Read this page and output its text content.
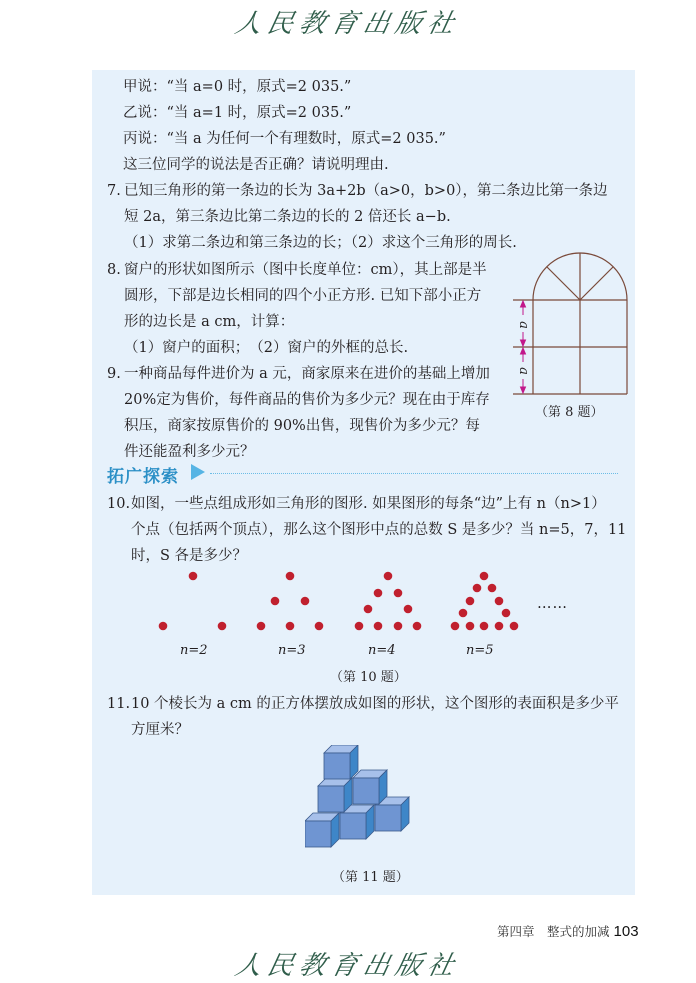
人民教育出版社
甲说：“当 a=0 时，原式=2 035.”
乙说：“当 a=1 时，原式=2 035.”
丙说：“当 a 为任何一个有理数时，原式=2 035.”
这三位同学的说法是否正确？请说明理由.
7. 已知三角形的第一条边的长为 3a+2b（a>0，b>0），第二条边比第一条边
短 2a，第三条边比第二条边的长的 2 倍还长 a−b.
（1）求第二条边和第三条边的长；（2）求这个三角形的周长.
8. 窗户的形状如图所示（图中长度单位：cm），其上部是半
圆形，下部是边长相同的四个小正方形. 已知下部小正方
形的边长是 a cm，计算：
（1）窗户的面积；　（2）窗户的外框的总长.
a
a
（第 8 题）
9. 一种商品每件进价为 a 元，商家原来在进价的基础上增加
20%定为售价，每件商品的售价为多少元？现在由于库存
积压，商家按原售价的 90%出售，现售价为多少元？每
件还能盈利多少元？
拓广探索
10. 如图，一些点组成形如三角形的图形. 如果图形的每条“边”上有 n（n>1）
个点（包括两个顶点），那么这个图形中点的总数 S 是多少？当 n=5，7，11
时，S 各是多少？
……
n=2	n=3	n=4	n=5
（第 10 题）
11. 10 个棱长为 a cm 的正方体摆放成如图的形状，这个图形的表面积是多少平
方厘米？
（第 11 题）
第四章　整式的加减 103
人民教育出版社
